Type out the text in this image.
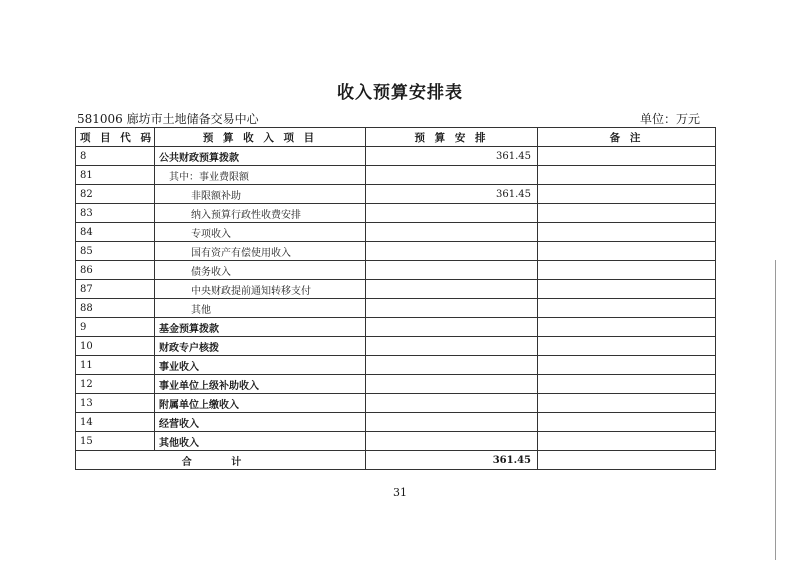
收入预算安排表
581006 廊坊市土地储备交易中心	单位：万元
项 目 代 码	预 算 收 入 项 目	预 算 安 排	备 注
8	公共财政预算拨款	361.45	
81	其中：事业费限额		
82	非限额补助	361.45	
83	纳入预算行政性收费安排		
84	专项收入		
85	国有资产有偿使用收入		
86	债务收入		
87	中央财政提前通知转移支付		
88	其他		
9	基金预算拨款		
10	财政专户核拨		
11	事业收入		
12	事业单位上级补助收入		
13	附属单位上缴收入		
14	经营收入		
15	其他收入		
合 计		361.45	
31
